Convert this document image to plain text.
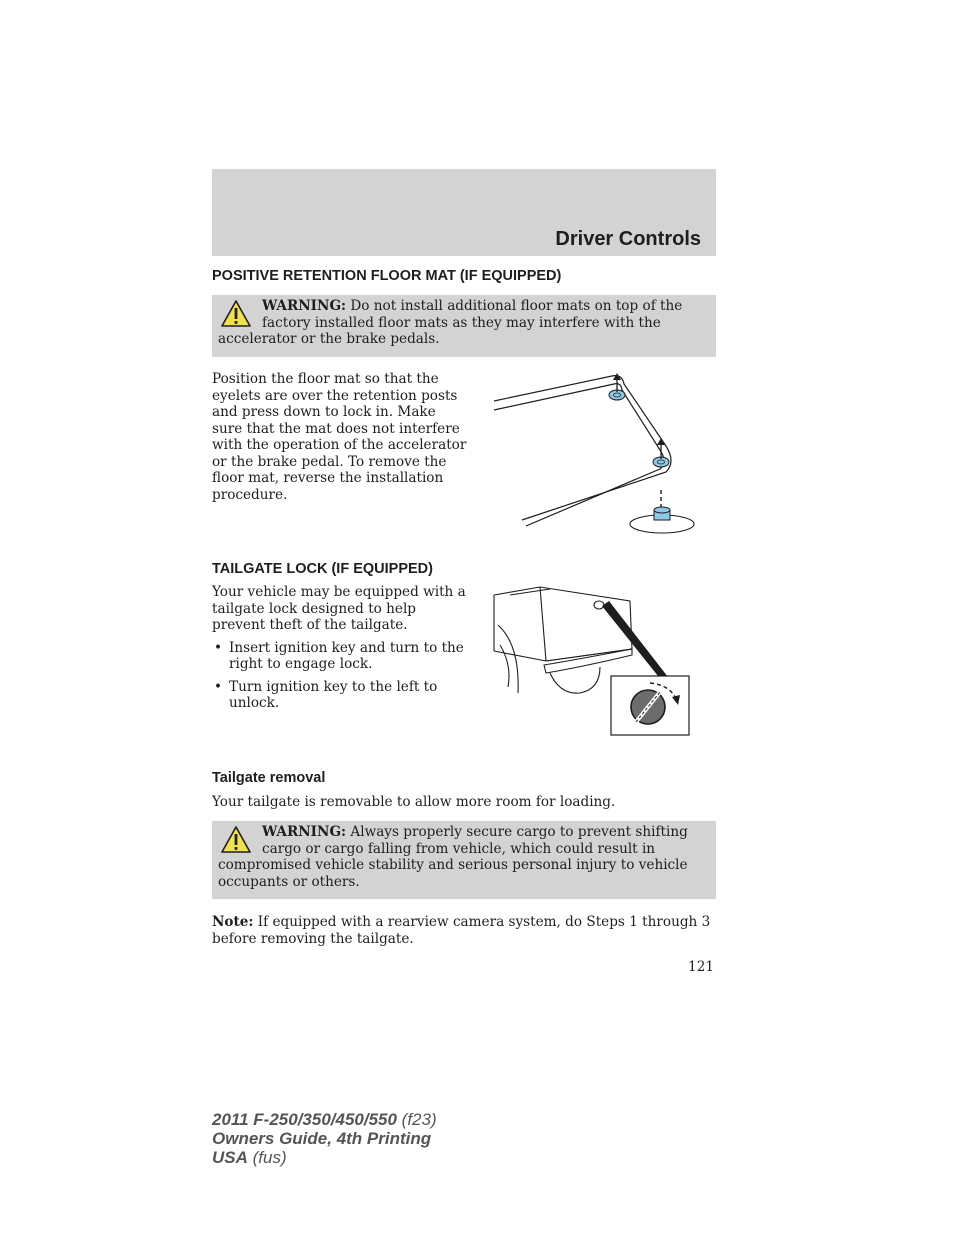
Driver Controls
POSITIVE RETENTION FLOOR MAT (IF EQUIPPED)
WARNING: Do not install additional floor mats on top of the factory installed floor mats as they may interfere with the accelerator or the brake pedals.
Position the floor mat so that the eyelets are over the retention posts and press down to lock in. Make sure that the mat does not interfere with the operation of the accelerator or the brake pedal. To remove the floor mat, reverse the installation procedure.
TAILGATE LOCK (IF EQUIPPED)
Your vehicle may be equipped with a tailgate lock designed to help prevent theft of the tailgate.
• Insert ignition key and turn to the right to engage lock.
• Turn ignition key to the left to unlock.
Tailgate removal
Your tailgate is removable to allow more room for loading.
WARNING: Always properly secure cargo to prevent shifting cargo or cargo falling from vehicle, which could result in compromised vehicle stability and serious personal injury to vehicle occupants or others.
Note: If equipped with a rearview camera system, do Steps 1 through 3 before removing the tailgate.
121
2011 F-250/350/450/550 (f23)
Owners Guide, 4th Printing
USA (fus)
